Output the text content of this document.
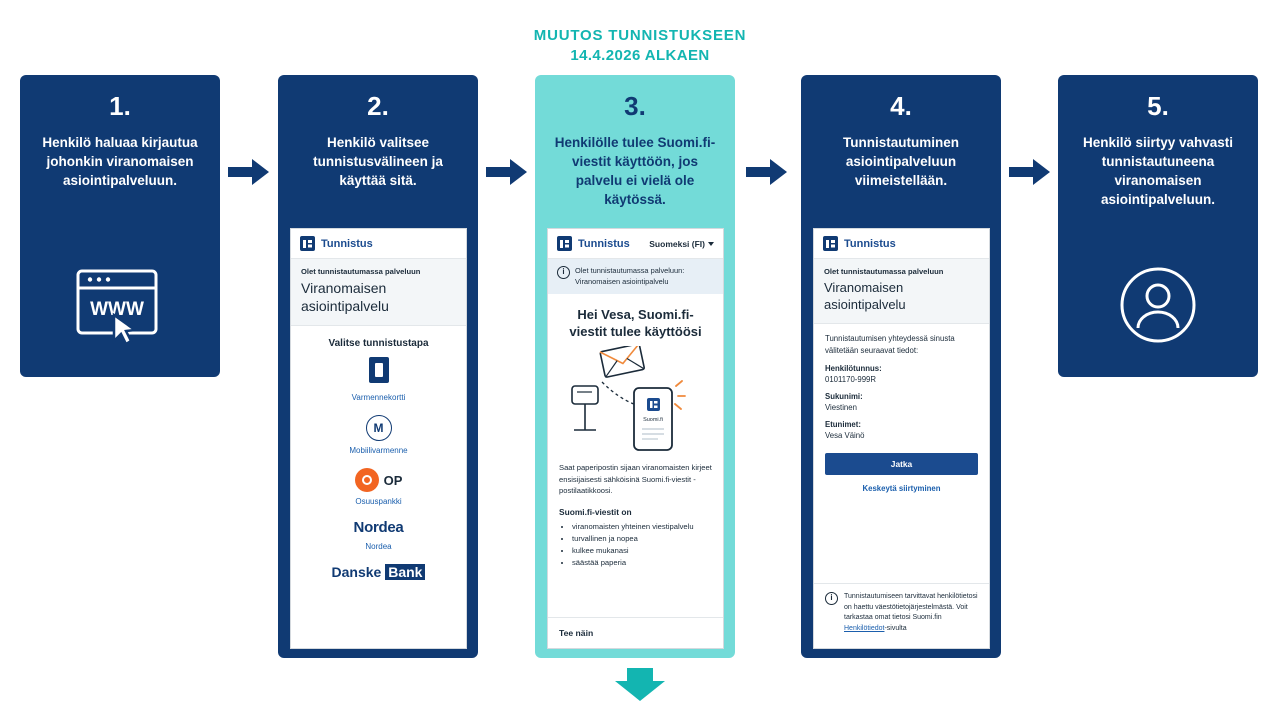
MUUTOS TUNNISTUKSEEN
14.4.2026 ALKAEN
1.
Henkilö haluaa kirjautua johonkin viranomaisen asiointipalveluun.
WWW
2.
Henkilö valitsee tunnistusvälineen ja käyttää sitä.
Tunnistus
Olet tunnistautumassa palveluun
Viranomaisen asiointipalvelu
Valitse tunnistustapa
Varmennekortti
M
Mobiilivarmenne
OP
Osuuspankki
Nordea
Nordea
Danske Bank
3.
Henkilölle tulee Suomi.fi-viestit käyttöön, jos palvelu ei vielä ole käytössä.
Tunnistus Suomeksi (FI)
i	Olet tunnistautumassa palveluun: Viranomaisen asiointipalvelu
Hei Vesa, Suomi.fi-viestit tulee käyttöösi
Suomi.fi
Saat paperipostin sijaan viranomaisten kirjeet ensisijaisesti sähköisinä Suomi.fi-viestit -postilaatikkoosi.
Suomi.fi-viestit on
• viranomaisten yhteinen viestipalvelu
• turvallinen ja nopea
• kulkee mukanasi
• säästää paperia
Tee näin
4.
Tunnistautuminen asiointipalveluun viimeistellään.
Tunnistus
Olet tunnistautumassa palveluun
Viranomaisen asiointipalvelu
Tunnistautumisen yhteydessä sinusta välitetään seuraavat tiedot:
Henkilötunnus:
0101170-999R
Sukunimi:
Viestinen
Etunimet:
Vesa Väinö
Jatka
Keskeytä siirtyminen
i	Tunnistautumiseen tarvittavat henkilötietosi on haettu väestötietojärjestelmästä. Voit tarkastaa omat tietosi Suomi.fin Henkilötiedot-sivulta
5.
Henkilö siirtyy vahvasti tunnistautuneena viranomaisen asiointipalveluun.
